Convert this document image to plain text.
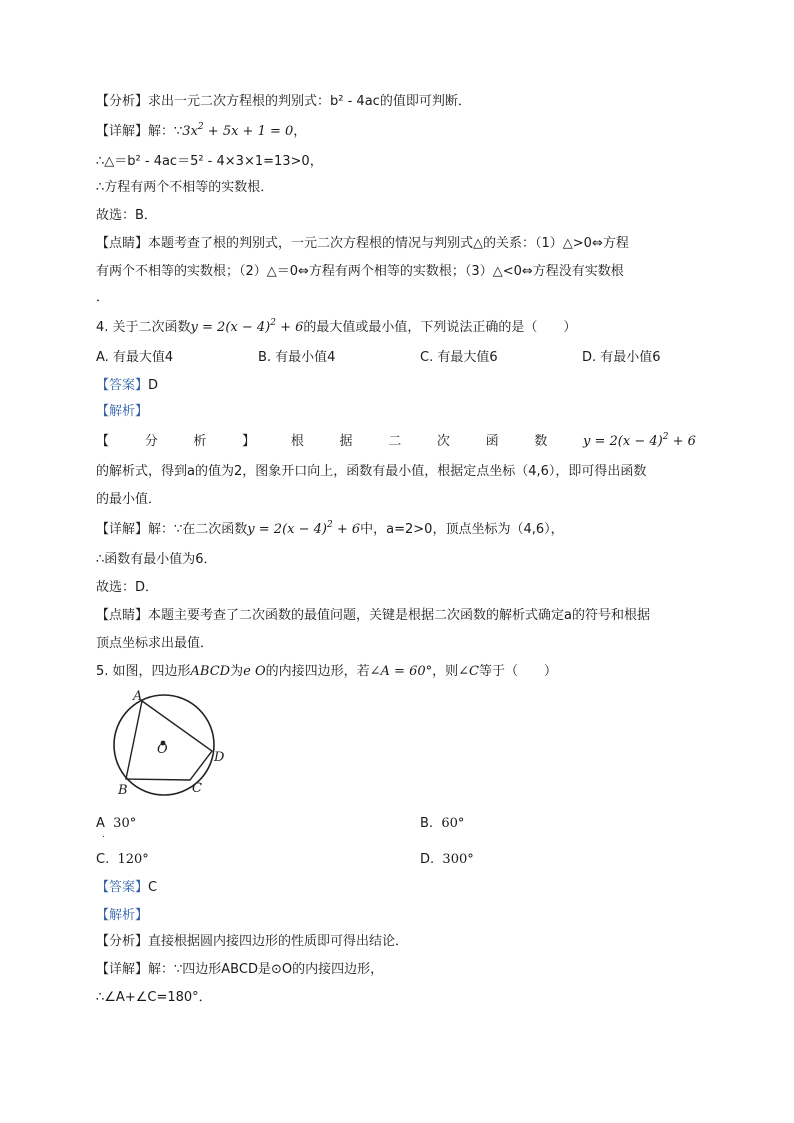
【分析】求出一元二次方程根的判别式：b² - 4ac的值即可判断．
【详解】解：$\because 3x^2 + 5x + 1 = 0$，
∴△＝b² - 4ac＝5² - 4×3×1=13>0，
∴方程有两个不相等的实数根．
故选：B．
【点睛】本题考查了根的判别式，一元二次方程根的情况与判别式△的关系：（1）△>0⇔方程
有两个不相等的实数根；（2）△＝0⇔方程有两个相等的实数根；（3）△<0⇔方程没有实数根
．
4. 关于二次函数$y = 2(x - 4)^2 + 6$的最大值或最小值，下列说法正确的是（　　）
A. 有最大值4	B. 有最小值4	C. 有最大值6	D. 有最小值6
【答案】D
【解析】
【	分	析	】	根	据	二	次	函	数	$y = 2(x - 4)^2 + 6$
的解析式，得到a的值为2，图象开口向上，函数有最小值，根据定点坐标（4,6），即可得出函数
的最小值．
【详解】解：∵在二次函数$y = 2(x - 4)^2 + 6$中，a=2>0，顶点坐标为（4,6），
∴函数有最小值为6．
故选：D．
【点睛】本题主要考查了二次函数的最值问题，关键是根据二次函数的解析式确定a的符号和根据
顶点坐标求出最值．
5. 如图，四边形ABCD为e O的内接四边形，若∠A = 60°，则∠C等于（　　）
A
B	C
D
O
A 30°
.
B. 60°
C. 120°	D. 300°
【答案】C
【解析】
【分析】直接根据圆内接四边形的性质即可得出结论．
【详解】解：∵四边形ABCD是⊙O的内接四边形，
∴∠A+∠C=180°．
